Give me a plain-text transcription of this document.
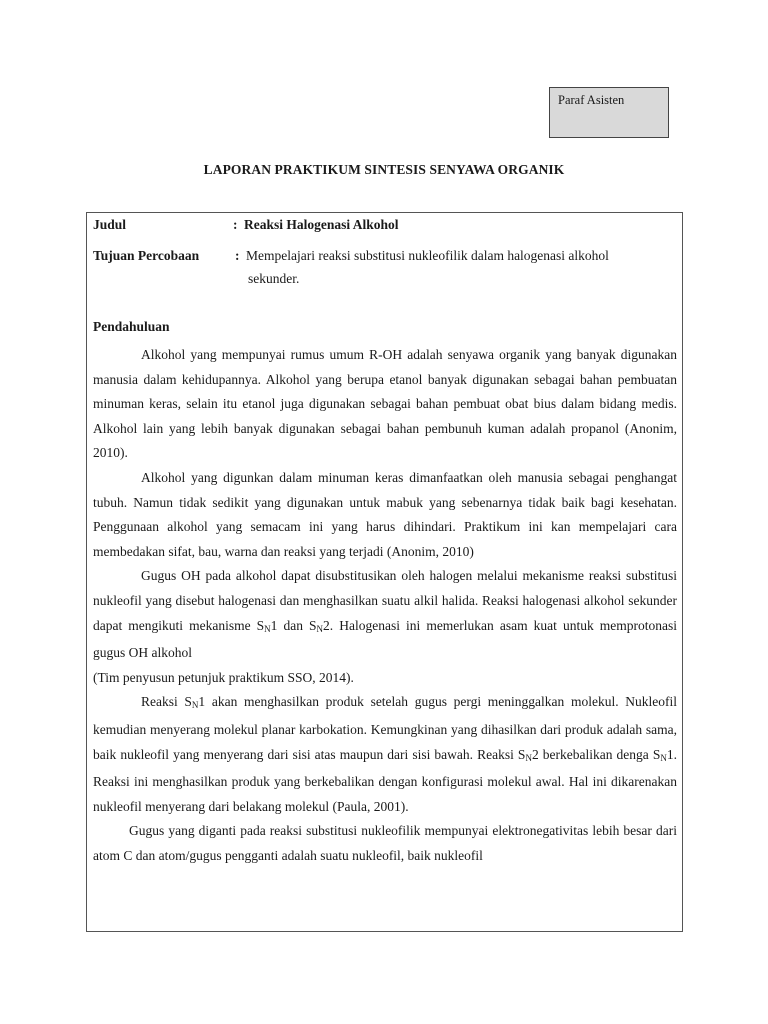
Paraf Asisten
LAPORAN PRAKTIKUM SINTESIS SENYAWA ORGANIK
Judul	: Reaksi Halogenasi Alkohol
Tujuan Percobaan	: Mempelajari reaksi substitusi nukleofilik dalam halogenasi alkohol
sekunder.
Pendahuluan

Alkohol yang mempunyai rumus umum R-OH adalah senyawa organik yang banyak digunakan manusia dalam kehidupannya. Alkohol yang berupa etanol banyak digunakan sebagai bahan pembuatan minuman keras, selain itu etanol juga digunakan sebagai bahan pembuat obat bius dalam bidang medis. Alkohol lain yang lebih banyak digunakan sebagai bahan pembunuh kuman adalah propanol (Anonim, 2010).

Alkohol yang digunkan dalam minuman keras dimanfaatkan oleh manusia sebagai penghangat tubuh. Namun tidak sedikit yang digunakan untuk mabuk yang sebenarnya tidak baik bagi kesehatan. Penggunaan alkohol yang semacam ini yang harus dihindari. Praktikum ini kan mempelajari cara membedakan sifat, bau, warna dan reaksi yang terjadi (Anonim, 2010)

Gugus OH pada alkohol dapat disubstitusikan oleh halogen melalui mekanisme reaksi substitusi nukleofil yang disebut halogenasi dan menghasilkan suatu alkil halida. Reaksi halogenasi alkohol sekunder dapat mengikuti mekanisme $S_N1$ dan $S_N2$. Halogenasi ini memerlukan asam kuat untuk memprotonasi gugus OH alkohol

(Tim penyusun petunjuk praktikum SSO, 2014).

Reaksi $S_N1$ akan menghasilkan produk setelah gugus pergi meninggalkan molekul. Nukleofil kemudian menyerang molekul planar karbokation. Kemungkinan yang dihasilkan dari produk adalah sama, baik nukleofil yang menyerang dari sisi atas maupun dari sisi bawah. Reaksi $S_N2$ berkebalikan denga $S_N1$. Reaksi ini menghasilkan produk yang berkebalikan dengan konfigurasi molekul awal. Hal ini dikarenakan nukleofil menyerang dari belakang molekul (Paula, 2001).

Gugus yang diganti pada reaksi substitusi nukleofilik mempunyai elektronegativitas lebih besar dari atom C dan atom/gugus pengganti adalah suatu nukleofil, baik nukleofil
